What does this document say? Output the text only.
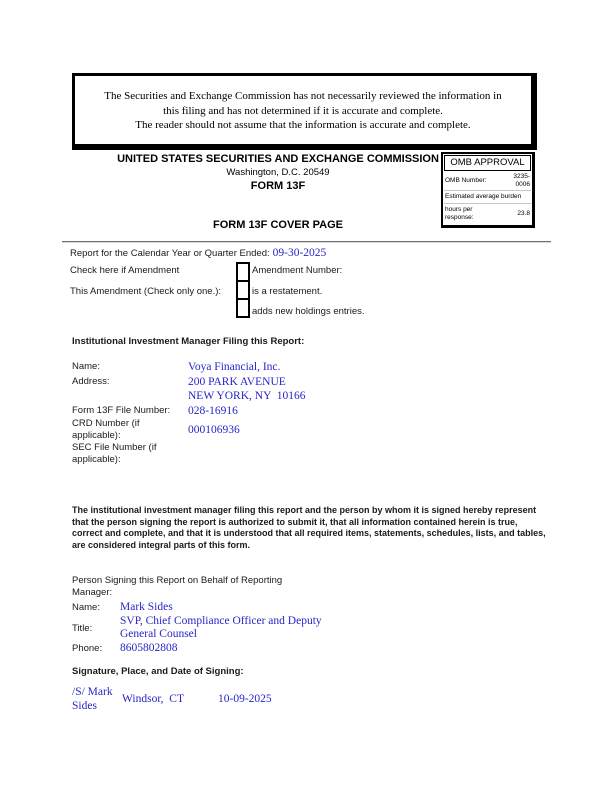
The Securities and Exchange Commission has not necessarily reviewed the information in
this filing and has not determined if it is accurate and complete.
The reader should not assume that the information is accurate and complete.
UNITED STATES SECURITIES AND EXCHANGE COMMISSION
Washington, D.C. 20549
FORM 13F
OMB APPROVAL
OMB Number:
3235-0006
Estimated average burden
hours per response:
23.8
FORM 13F COVER PAGE
Report for the Calendar Year or Quarter Ended: 09-30-2025
Check here if Amendment
This Amendment (Check only one.):
Amendment Number:
is a restatement.
adds new holdings entries.
Institutional Investment Manager Filing this Report:
Name:	Voya Financial, Inc.
Address:	200 PARK AVENUE
NEW YORK, NY  10166
Form 13F File Number:	028-16916
CRD Number (if applicable):	000106936
SEC File Number (if applicable):

The institutional investment manager filing this report and the person by whom it is signed hereby represent that the person signing the report is authorized to submit it, that all information contained herein is true, correct and complete, and that it is understood that all required items, statements, schedules, lists, and tables, are considered integral parts of this form.

Person Signing this Report on Behalf of Reporting Manager:
Name:	Mark Sides
Title:
SVP, Chief Compliance Officer and Deputy General Counsel
Phone:	8605802808
Signature, Place, and Date of Signing:
/S/ Mark Sides
Windsor,  CT	10-09-2025
